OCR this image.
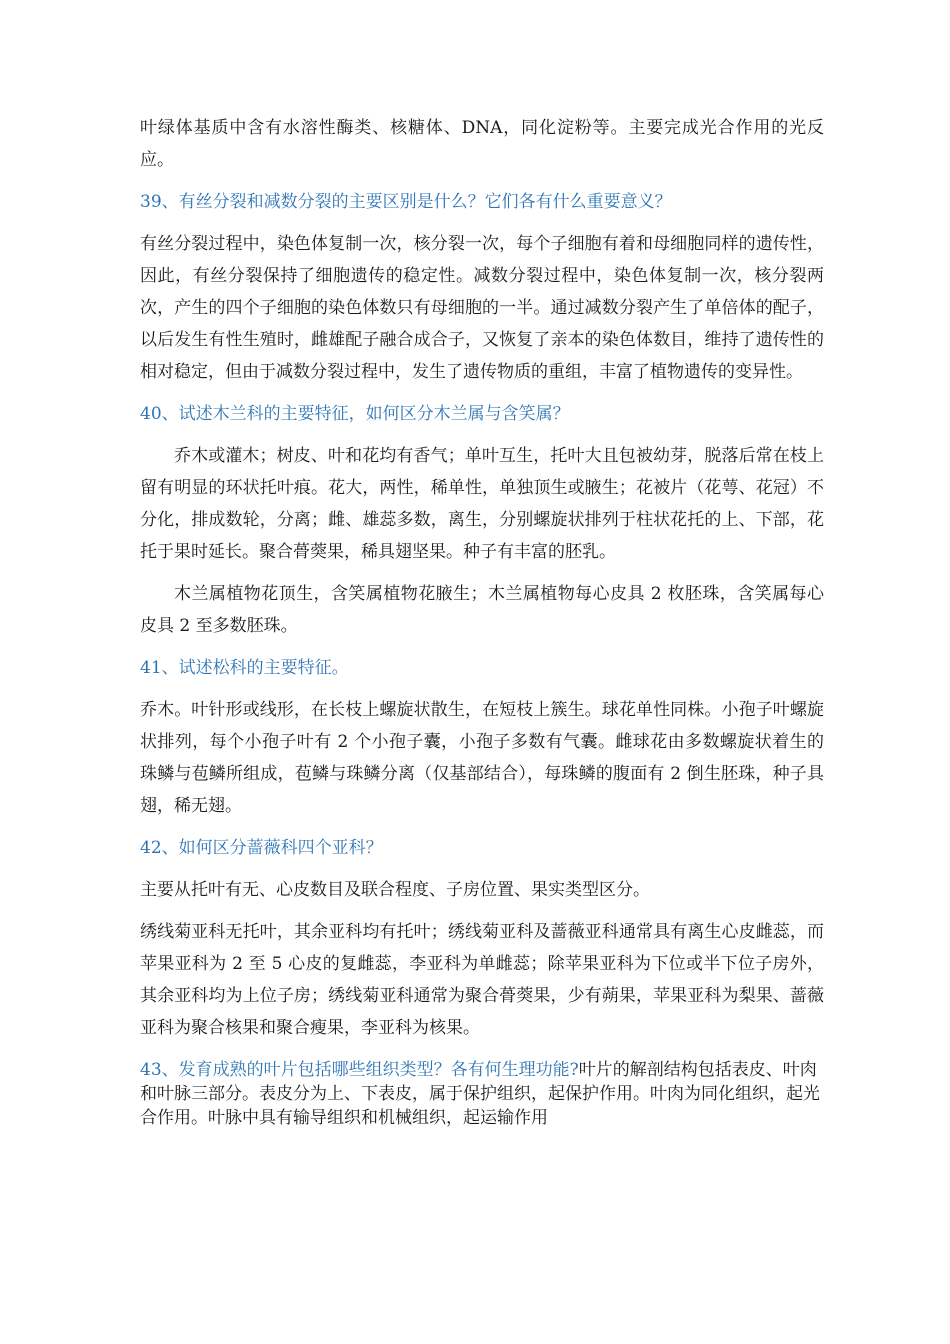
叶绿体基质中含有水溶性酶类、核糖体、DNA，同化淀粉等。主要完成光合作用的光反应。

39、有丝分裂和减数分裂的主要区别是什么？它们各有什么重要意义？

有丝分裂过程中，染色体复制一次，核分裂一次，每个子细胞有着和母细胞同样的遗传性，因此，有丝分裂保持了细胞遗传的稳定性。减数分裂过程中，染色体复制一次，核分裂两次，产生的四个子细胞的染色体数只有母细胞的一半。通过减数分裂产生了单倍体的配子，以后发生有性生殖时，雌雄配子融合成合子，又恢复了亲本的染色体数目，维持了遗传性的相对稳定，但由于减数分裂过程中，发生了遗传物质的重组，丰富了植物遗传的变异性。

40、试述木兰科的主要特征，如何区分木兰属与含笑属？

乔木或灌木；树皮、叶和花均有香气；单叶互生，托叶大且包被幼芽，脱落后常在枝上留有明显的环状托叶痕。花大，两性，稀单性，单独顶生或腋生；花被片（花萼、花冠）不分化，排成数轮，分离；雌、雄蕊多数，离生，分别螺旋状排列于柱状花托的上、下部，花托于果时延长。聚合蓇葖果，稀具翅坚果。种子有丰富的胚乳。

木兰属植物花顶生，含笑属植物花腋生；木兰属植物每心皮具 2 枚胚珠，含笑属每心皮具 2 至多数胚珠。

41、试述松科的主要特征。

乔木。叶针形或线形，在长枝上螺旋状散生，在短枝上簇生。球花单性同株。小孢子叶螺旋状排列，每个小孢子叶有 2 个小孢子囊，小孢子多数有气囊。雌球花由多数螺旋状着生的珠鳞与苞鳞所组成，苞鳞与珠鳞分离（仅基部结合），每珠鳞的腹面有 2 倒生胚珠，种子具翅，稀无翅。

42、如何区分蔷薇科四个亚科？

主要从托叶有无、心皮数目及联合程度、子房位置、果实类型区分。

绣线菊亚科无托叶，其余亚科均有托叶；绣线菊亚科及蔷薇亚科通常具有离生心皮雌蕊，而苹果亚科为 2 至 5 心皮的复雌蕊，李亚科为单雌蕊；除苹果亚科为下位或半下位子房外，其余亚科均为上位子房；绣线菊亚科通常为聚合蓇葖果，少有蒴果，苹果亚科为梨果、蔷薇亚科为聚合核果和聚合瘦果，李亚科为核果。

43、发育成熟的叶片包括哪些组织类型？各有何生理功能?叶片的解剖结构包括表皮、叶肉和叶脉三部分。表皮分为上、下表皮，属于保护组织，起保护作用。叶肉为同化组织，起光合作用。叶脉中具有输导组织和机械组织，起运输作用
